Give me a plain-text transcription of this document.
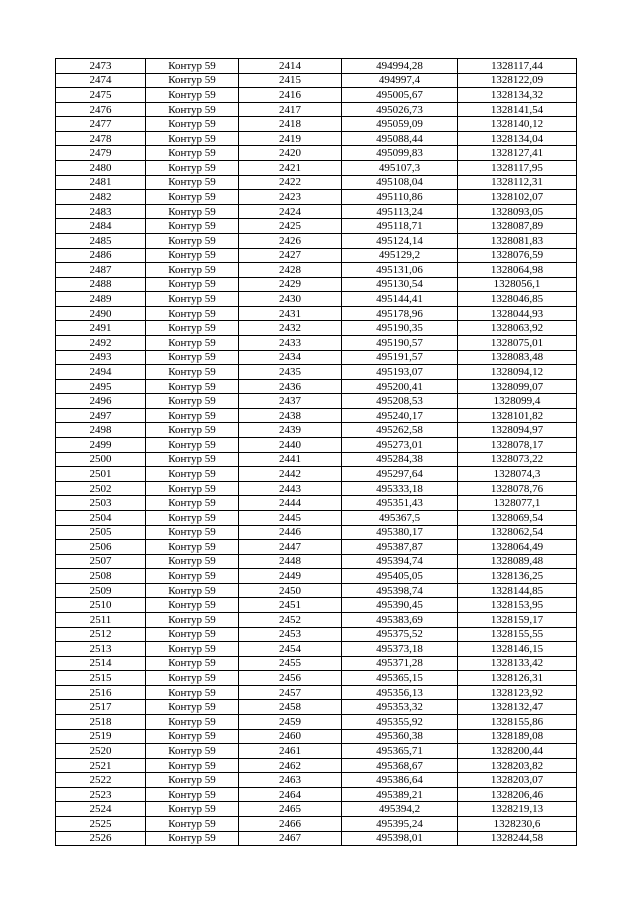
2473	Контур 59	2414	494994,28	1328117,44
2474	Контур 59	2415	494997,4	1328122,09
2475	Контур 59	2416	495005,67	1328134,32
2476	Контур 59	2417	495026,73	1328141,54
2477	Контур 59	2418	495059,09	1328140,12
2478	Контур 59	2419	495088,44	1328134,04
2479	Контур 59	2420	495099,83	1328127,41
2480	Контур 59	2421	495107,3	1328117,95
2481	Контур 59	2422	495108,04	1328112,31
2482	Контур 59	2423	495110,86	1328102,07
2483	Контур 59	2424	495113,24	1328093,05
2484	Контур 59	2425	495118,71	1328087,89
2485	Контур 59	2426	495124,14	1328081,83
2486	Контур 59	2427	495129,2	1328076,59
2487	Контур 59	2428	495131,06	1328064,98
2488	Контур 59	2429	495130,54	1328056,1
2489	Контур 59	2430	495144,41	1328046,85
2490	Контур 59	2431	495178,96	1328044,93
2491	Контур 59	2432	495190,35	1328063,92
2492	Контур 59	2433	495190,57	1328075,01
2493	Контур 59	2434	495191,57	1328083,48
2494	Контур 59	2435	495193,07	1328094,12
2495	Контур 59	2436	495200,41	1328099,07
2496	Контур 59	2437	495208,53	1328099,4
2497	Контур 59	2438	495240,17	1328101,82
2498	Контур 59	2439	495262,58	1328094,97
2499	Контур 59	2440	495273,01	1328078,17
2500	Контур 59	2441	495284,38	1328073,22
2501	Контур 59	2442	495297,64	1328074,3
2502	Контур 59	2443	495333,18	1328078,76
2503	Контур 59	2444	495351,43	1328077,1
2504	Контур 59	2445	495367,5	1328069,54
2505	Контур 59	2446	495380,17	1328062,54
2506	Контур 59	2447	495387,87	1328064,49
2507	Контур 59	2448	495394,74	1328089,48
2508	Контур 59	2449	495405,05	1328136,25
2509	Контур 59	2450	495398,74	1328144,85
2510	Контур 59	2451	495390,45	1328153,95
2511	Контур 59	2452	495383,69	1328159,17
2512	Контур 59	2453	495375,52	1328155,55
2513	Контур 59	2454	495373,18	1328146,15
2514	Контур 59	2455	495371,28	1328133,42
2515	Контур 59	2456	495365,15	1328126,31
2516	Контур 59	2457	495356,13	1328123,92
2517	Контур 59	2458	495353,32	1328132,47
2518	Контур 59	2459	495355,92	1328155,86
2519	Контур 59	2460	495360,38	1328189,08
2520	Контур 59	2461	495365,71	1328200,44
2521	Контур 59	2462	495368,67	1328203,82
2522	Контур 59	2463	495386,64	1328203,07
2523	Контур 59	2464	495389,21	1328206,46
2524	Контур 59	2465	495394,2	1328219,13
2525	Контур 59	2466	495395,24	1328230,6
2526	Контур 59	2467	495398,01	1328244,58
